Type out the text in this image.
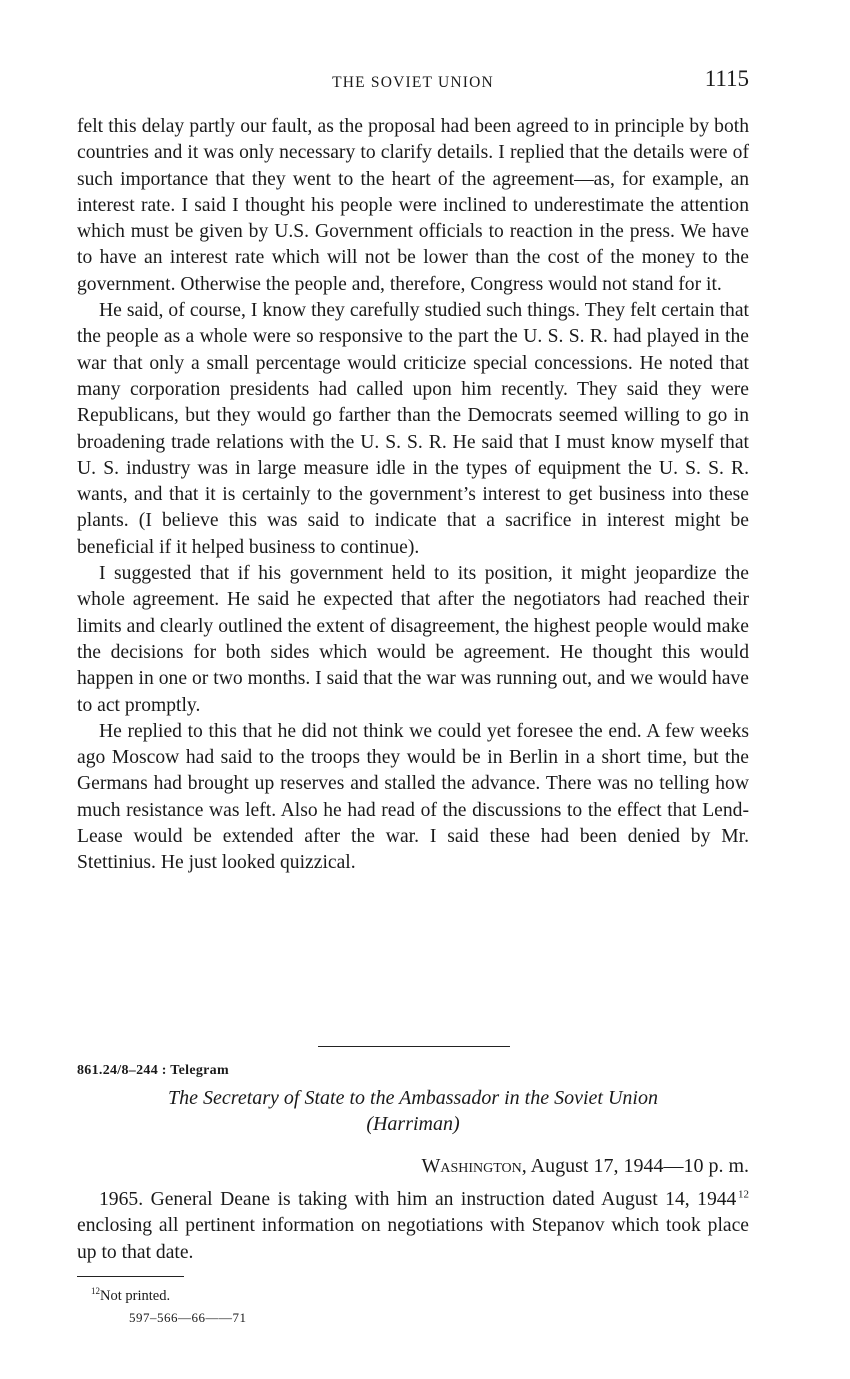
THE SOVIET UNION	1115

felt this delay partly our fault, as the proposal had been agreed to in principle by both countries and it was only necessary to clarify details. I replied that the details were of such importance that they went to the heart of the agreement—as, for example, an interest rate. I said I thought his people were inclined to underestimate the attention which must be given by U.S. Government officials to reaction in the press. We have to have an interest rate which will not be lower than the cost of the money to the government. Otherwise the people and, therefore, Congress would not stand for it.

He said, of course, I know they carefully studied such things. They felt certain that the people as a whole were so responsive to the part the U. S. S. R. had played in the war that only a small percentage would criticize special concessions. He noted that many corporation presidents had called upon him recently. They said they were Republicans, but they would go farther than the Democrats seemed willing to go in broadening trade relations with the U. S. S. R. He said that I must know myself that U. S. industry was in large measure idle in the types of equipment the U. S. S. R. wants, and that it is certainly to the government’s interest to get business into these plants. (I believe this was said to indicate that a sacrifice in interest might be beneficial if it helped business to continue).

I suggested that if his government held to its position, it might jeopardize the whole agreement. He said he expected that after the negotiators had reached their limits and clearly outlined the extent of disagreement, the highest people would make the decisions for both sides which would be agreement. He thought this would happen in one or two months. I said that the war was running out, and we would have to act promptly.

He replied to this that he did not think we could yet foresee the end. A few weeks ago Moscow had said to the troops they would be in Berlin in a short time, but the Germans had brought up reserves and stalled the advance. There was no telling how much resistance was left. Also he had read of the discussions to the effect that Lend-Lease would be extended after the war. I said these had been denied by Mr. Stettinius. He just looked quizzical.

861.24/8–244 : Telegram
The Secretary of State to the Ambassador in the Soviet Union
(Harriman)
Washington, August 17, 1944—10 p. m.

1965. General Deane is taking with him an instruction dated August 14, 1944  $^{12}$ enclosing all pertinent information on negotiations with Stepanov which took place up to that date.

$^{12}$Not printed.
597–566—66——71
